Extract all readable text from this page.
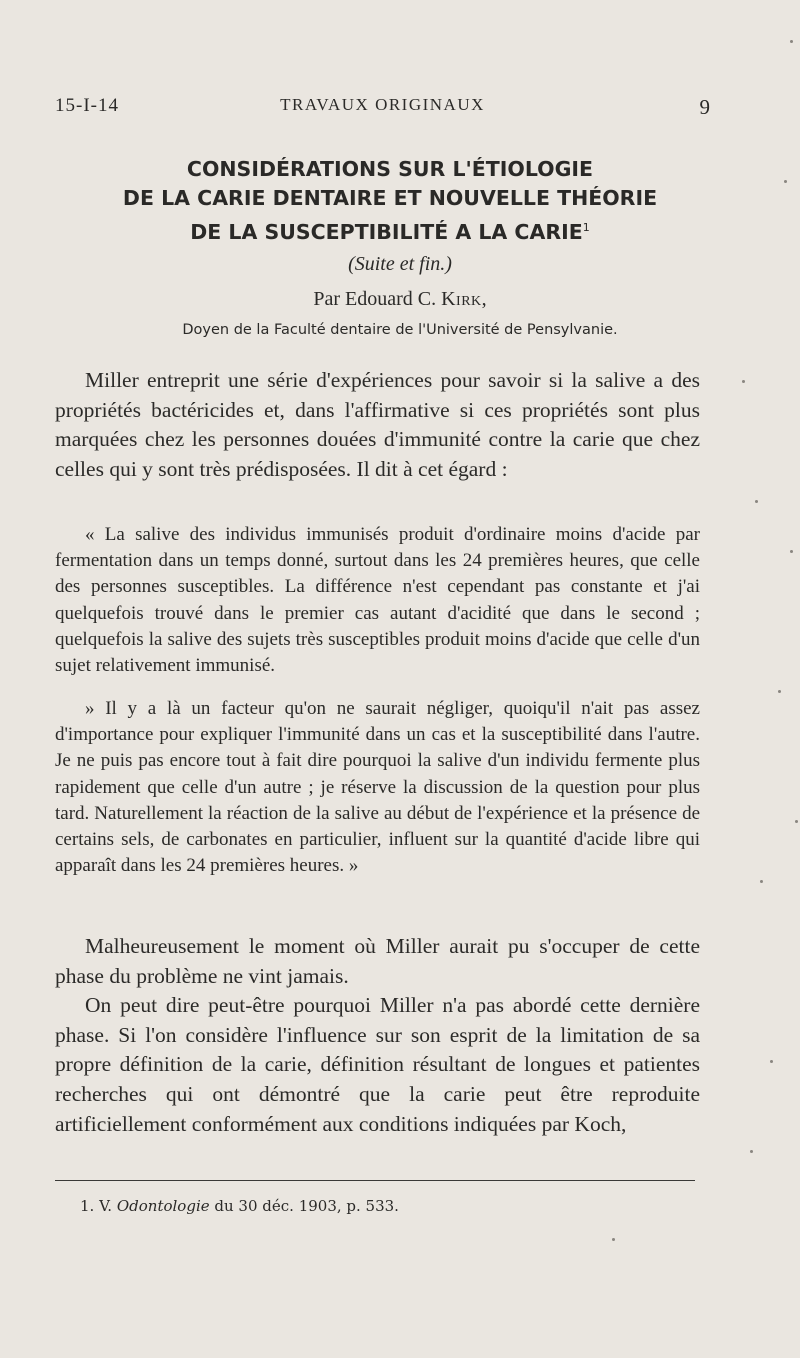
15-I-14	TRAVAUX ORIGINAUX	9
CONSIDÉRATIONS SUR L'ÉTIOLOGIE
DE LA CARIE DENTAIRE ET NOUVELLE THÉORIE
DE LA SUSCEPTIBILITÉ A LA CARIE$^1$
(Suite et fin.)
Par Edouard C. Kirk,
Doyen de la Faculté dentaire de l'Université de Pensylvanie.

Miller entreprit une série d'expériences pour savoir si la salive a des propriétés bactéricides et, dans l'affirmative si ces propriétés sont plus marquées chez les personnes douées d'immunité contre la carie que chez celles qui y sont très prédisposées. Il dit à cet égard :

« La salive des individus immunisés produit d'ordinaire moins d'acide par fermentation dans un temps donné, surtout dans les 24 premières heures, que celle des personnes susceptibles. La différence n'est cependant pas constante et j'ai quelquefois trouvé dans le premier cas autant d'acidité que dans le second ; quelquefois la salive des sujets très susceptibles produit moins d'acide que celle d'un sujet relativement immunisé.

» Il y a là un facteur qu'on ne saurait négliger, quoiqu'il n'ait pas assez d'importance pour expliquer l'immunité dans un cas et la susceptibilité dans l'autre. Je ne puis pas encore tout à fait dire pourquoi la salive d'un individu fermente plus rapidement que celle d'un autre ; je réserve la discussion de la question pour plus tard. Naturellement la réaction de la salive au début de l'expérience et la présence de certains sels, de carbonates en particulier, influent sur la quantité d'acide libre qui apparaît dans les 24 premières heures. »

Malheureusement le moment où Miller aurait pu s'occuper de cette phase du problème ne vint jamais.

On peut dire peut-être pourquoi Miller n'a pas abordé cette dernière phase. Si l'on considère l'influence sur son esprit de la limitation de sa propre définition de la carie, définition résultant de longues et patientes recherches qui ont démontré que la carie peut être reproduite artificiellement conformément aux conditions indiquées par Koch,

1. V. Odontologie du 30 déc. 1903, p. 533.
